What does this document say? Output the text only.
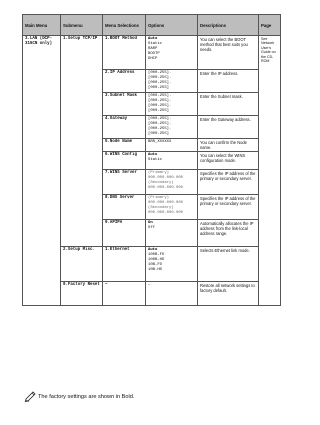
Main Menu	Submenu	Menu Selections	Options	Descriptions	Page
3.LAN (DCP-315CN only)	1.Setup TCP/IP	1.BOOT Method	Auto
Static
RARP
BOOTP
DHCP	You can select the BOOT method that best suits you needs.	See Network User's Guide on the CD-ROM
		2.IP Address	[000-255].
[000-255].
[000-255].
[000-255]	Enter the IP address.	
		3.Subnet Mask	[000-255].
[000-255].
[000-255].
[000-255]	Enter the Subnet mask.	
		4.Gateway	[000-255].
[000-255].
[000-255].
[000-255]	Enter the Gateway address.	
		5.Node Name	BRN_XXXXXX	You can confirm the Node name.	
		6.WINS Config	Auto
Static	You can select the WINS configuration mode.	
		7.WINS Server	(Primary)
000.000.000.000
(Secondary)
000.000.000.000	Specifies the IP address of the primary or secondary server.	
		8.DNS Server	(Primary)
000.000.000.000
(Secondary)
000.000.000.000	Specifies the IP address of the primary or secondary server.	
		9.APIPA	On
Off	Automatically allocates the IP address from the link-local address range.	
	2.Setup Misc.	1.Ethernet	Auto
100B-FD
100B-HD
10B-FD
10B-HD	Selects Ethernet link mode.	
	0.Factory Reset	—	—	Restore all network settings to factory default.	
The factory settings are shown in Bold.
